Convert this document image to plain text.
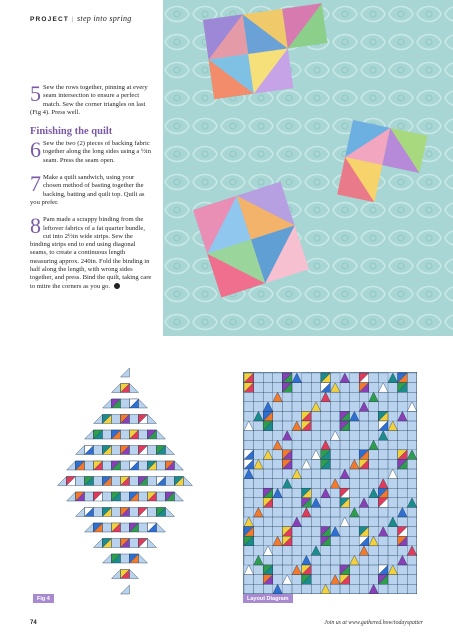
PROJECT | step into spring
5 Sew the rows together, pinning at every seam intersection to ensure a perfect match. Sew the corner triangles on last (Fig 4). Press well.
Finishing the quilt
6 Sew the two (2) pieces of backing fabric together along the long sides using a ½in seam. Press the seam open.
7 Make a quilt sandwich, using your chosen method of basting together the backing, batting and quilt top. Quilt as you prefer.
8 Pam made a scrappy binding from the leftover fabrics of a fat quarter bundle, cut into 2½in wide strips. Sew the binding strips end to end using diagonal seams, to create a continuous length measuring approx. 240in. Fold the binding in half along the length, with wrong sides together, and press. Bind the quilt, taking care to mitre the corners as you go.
Fig 4	Layout Diagram
74	Join us at www.gathered.how/todayspatter
